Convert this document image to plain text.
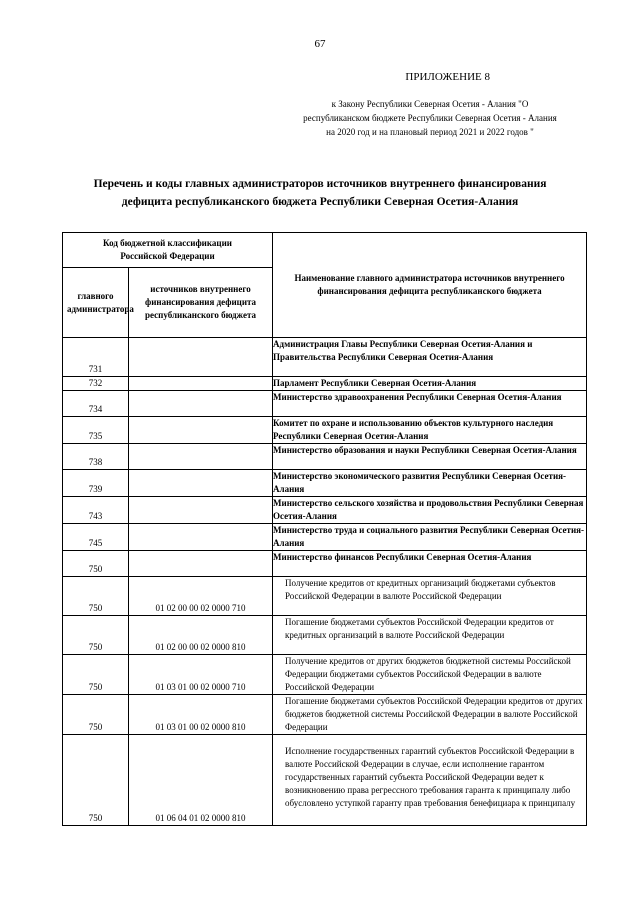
67
ПРИЛОЖЕНИЕ 8
к Закону Республики Северная Осетия - Алания "О
республиканском бюджете Республики Северная Осетия - Алания
на 2020 год и на плановый период 2021 и 2022 годов "
Перечень и коды главных администраторов источников внутреннего финансирования
дефицита республиканского бюджета Республики Северная Осетия-Алания
Код бюджетной классификации Российской Федерации		Наименование главного администратора источников внутреннего финансирования дефицита республиканского бюджета
главного администратора	источников внутреннего финансирования дефицита республиканского бюджета	
731		Администрация Главы Республики Северная Осетия-Алания и Правительства Республики Северная Осетия-Алания
732		Парламент Республики Северная Осетия-Алания
734		Министерство здравоохранения Республики Северная Осетия-Алания
735		Комитет по охране и использованию объектов культурного наследия Республики Северная Осетия-Алания
738		Министерство образования и науки Республики Северная Осетия-Алания
739		Министерство экономического развития Республики Северная Осетия-Алания
743		Министерство сельского хозяйства и продовольствия Республики Северная Осетия-Алания
745		Министерство труда и социального развития Республики Северная Осетия-Алания
750		Министерство финансов Республики Северная Осетия-Алания
750	01 02 00 00 02 0000 710	Получение кредитов от кредитных организаций бюджетами субъектов Российской Федерации в валюте Российской Федерации
750	01 02 00 00 02 0000 810	Погашение бюджетами субъектов Российской Федерации кредитов от кредитных организаций в валюте Российской Федерации
750	01 03 01 00 02 0000 710	Получение кредитов от других бюджетов бюджетной системы Российской Федерации бюджетами субъектов Российской Федерации в валюте Российской Федерации
750	01 03 01 00 02 0000 810	Погашение бюджетами субъектов Российской Федерации кредитов от других бюджетов бюджетной системы Российской Федерации в валюте Российской Федерации
750	01 06 04 01 02 0000 810	Исполнение государственных гарантий субъектов Российской Федерации в валюте Российской Федерации в случае, если исполнение гарантом государственных гарантий субъекта Российской Федерации ведет к возникновению права регрессного требования гаранта к принципалу либо обусловлено уступкой гаранту прав требования бенефициара к принципалу
